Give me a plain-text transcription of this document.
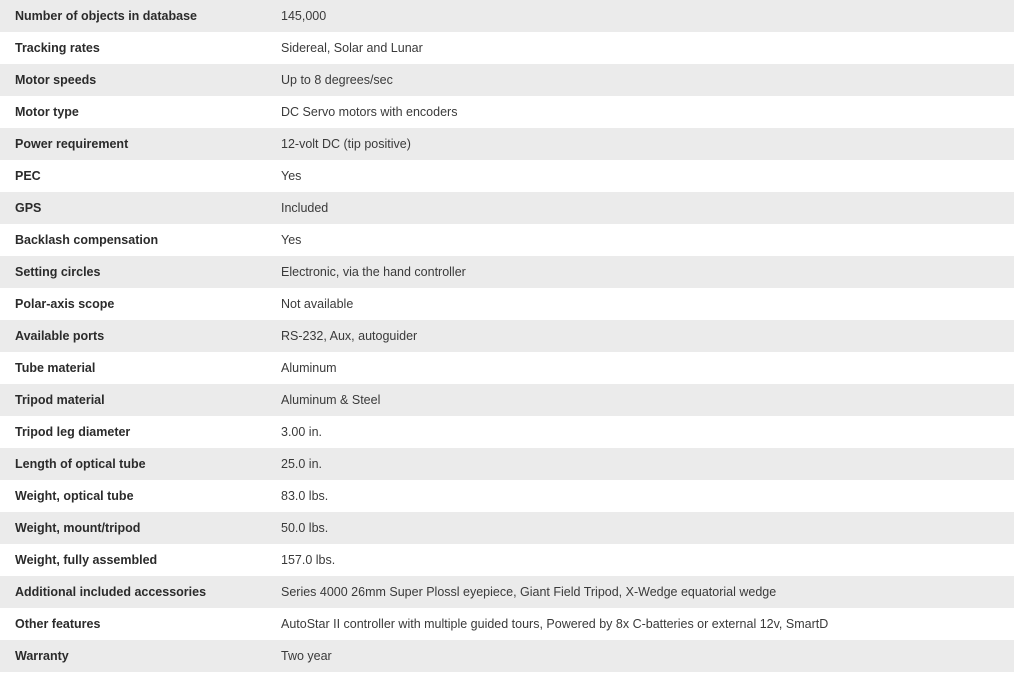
Number of objects in database	145,000
Tracking rates	Sidereal, Solar and Lunar
Motor speeds	Up to 8 degrees/sec
Motor type	DC Servo motors with encoders
Power requirement	12-volt DC (tip positive)
PEC	Yes
GPS	Included
Backlash compensation	Yes
Setting circles	Electronic, via the hand controller
Polar-axis scope	Not available
Available ports	RS-232, Aux, autoguider
Tube material	Aluminum
Tripod material	Aluminum & Steel
Tripod leg diameter	3.00 in.
Length of optical tube	25.0 in.
Weight, optical tube	83.0 lbs.
Weight, mount/tripod	50.0 lbs.
Weight, fully assembled	157.0 lbs.
Additional included accessories	Series 4000 26mm Super Plossl eyepiece, Giant Field Tripod, X-Wedge equatorial wedge
Other features	AutoStar II controller with multiple guided tours, Powered by 8x C-batteries or external 12v, SmartD
Warranty	Two year
